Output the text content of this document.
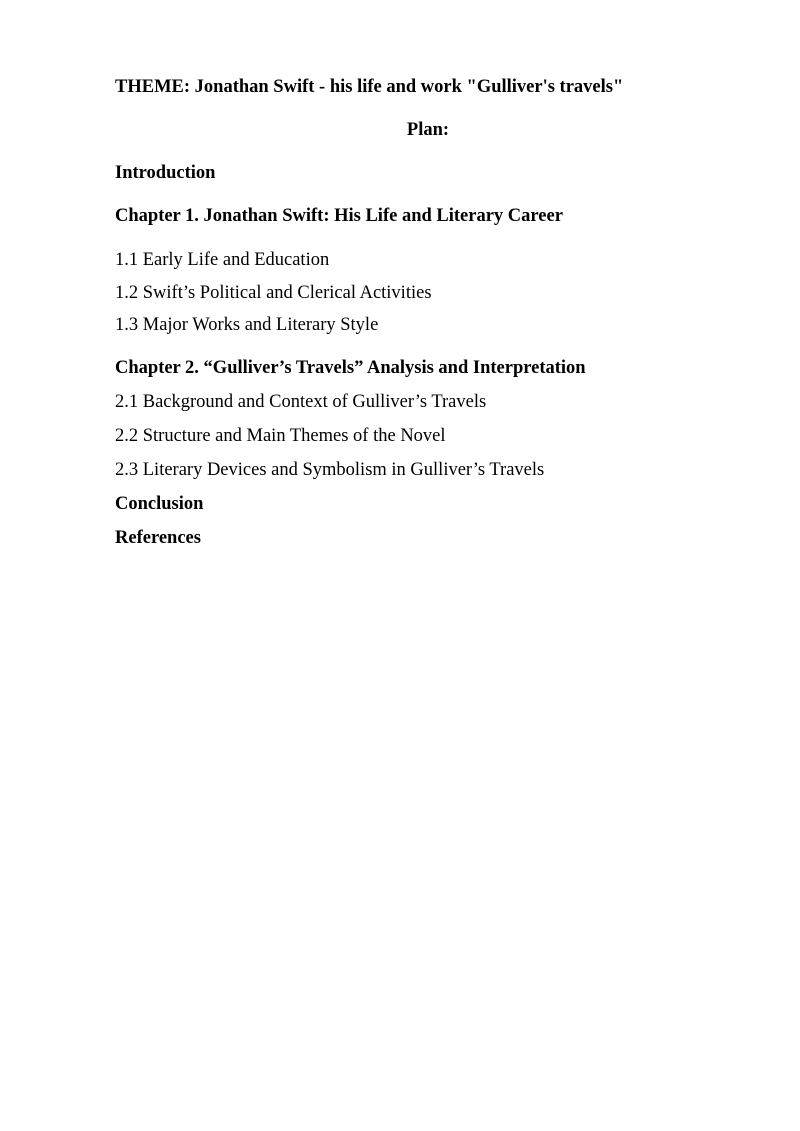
THEME: Jonathan Swift - his life and work "Gulliver's travels"

Plan:

Introduction

Chapter 1. Jonathan Swift: His Life and Literary Career

1.1 Early Life and Education

1.2 Swift’s Political and Clerical Activities

1.3 Major Works and Literary Style

Chapter 2. “Gulliver’s Travels” Analysis and Interpretation

2.1 Background and Context of Gulliver’s Travels

2.2 Structure and Main Themes of the Novel

2.3 Literary Devices and Symbolism in Gulliver’s Travels

Conclusion

References
